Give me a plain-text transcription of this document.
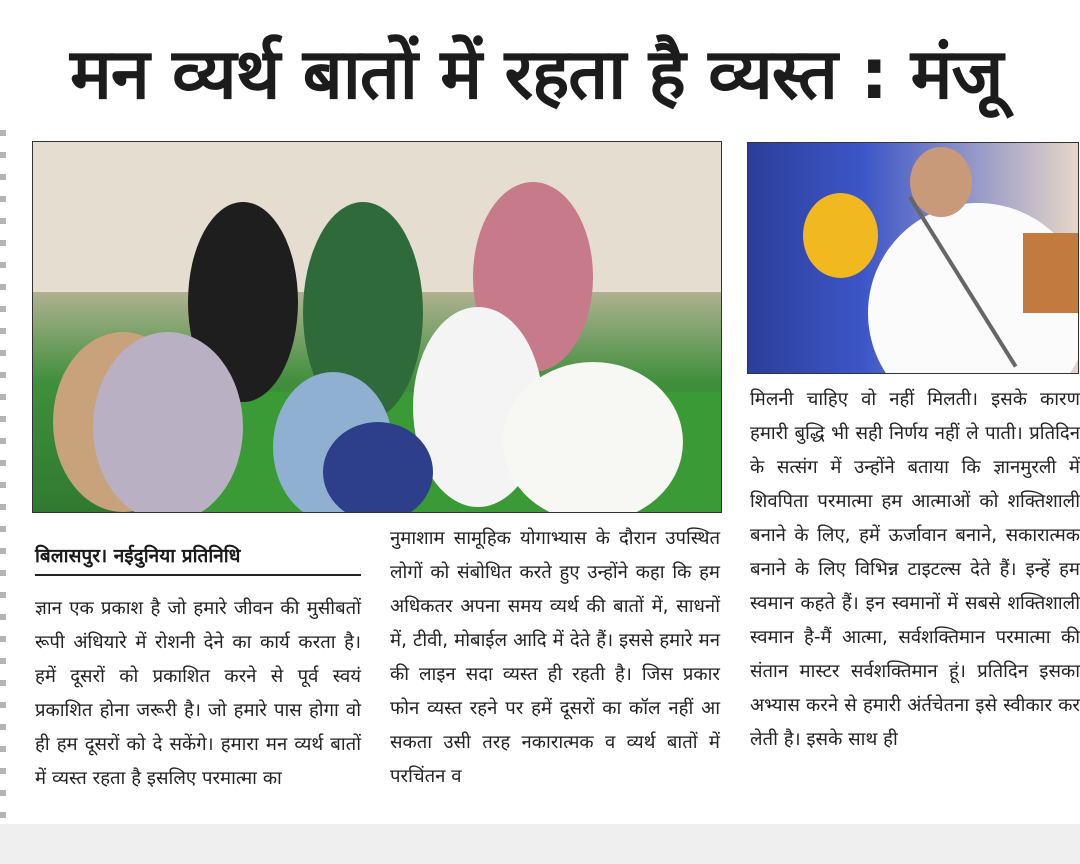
मन व्यर्थ बातों में रहता है व्यस्त : मंजू
बिलासपुर। नईदुनिया प्रतिनिधि
ज्ञान एक प्रकाश है जो हमारे जीवन की मुसीबतों रूपी अंधियारे में रोशनी देने का कार्य करता है। हमें दूसरों को प्रकाशित करने से पूर्व स्वयं प्रकाशित होना जरूरी है। जो हमारे पास होगा वो ही हम दूसरों को दे सकेंगे। हमारा मन व्यर्थ बातों में व्यस्त रहता है इसलिए परमात्मा का
नुमाशाम सामूहिक योगाभ्यास के दौरान उपस्थित लोगों को संबोधित करते हुए उन्होंने कहा कि हम अधिकतर अपना समय व्यर्थ की बातों में, साधनों में, टीवी, मोबाईल आदि में देते हैं। इससे हमारे मन की लाइन सदा व्यस्त ही रहती है। जिस प्रकार फोन व्यस्त रहने पर हमें दूसरों का कॉल नहीं आ सकता उसी तरह नकारात्मक व व्यर्थ बातों में परचिंतन व
मिलनी चाहिए वो नहीं मिलती। इसके कारण हमारी बुद्धि भी सही निर्णय नहीं ले पाती। प्रतिदिन के सत्संग में उन्होंने बताया कि ज्ञानमुरली में शिवपिता परमात्मा हम आत्माओं को शक्तिशाली बनाने के लिए, हमें ऊर्जावान बनाने, सकारात्मक बनाने के लिए विभिन्न टाइटल्स देते हैं। इन्हें हम स्वमान कहते हैं। इन स्वमानों में सबसे शक्तिशाली स्वमान है-मैं आत्मा, सर्वशक्तिमान परमात्मा की संतान मास्टर सर्वशक्तिमान हूं। प्रतिदिन इसका अभ्यास करने से हमारी अंर्तचेतना इसे स्वीकार कर लेती है। इसके साथ ही
